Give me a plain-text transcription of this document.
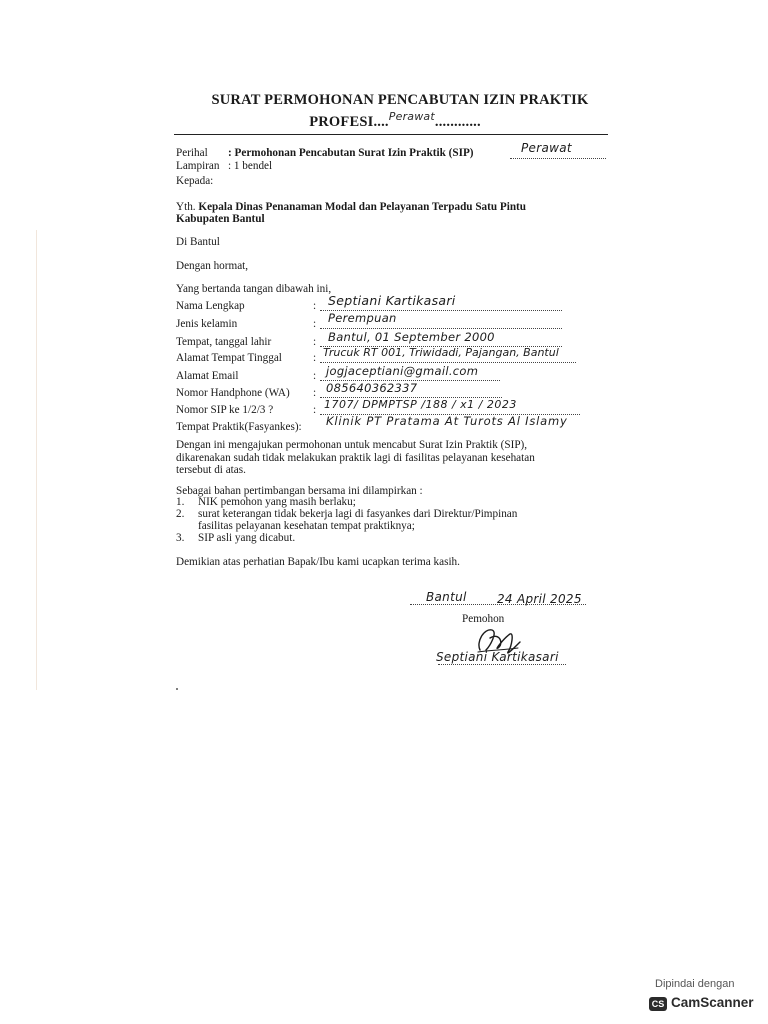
SURAT PERMOHONAN PENCABUTAN IZIN PRAKTIK
PROFESI....$^{Perawat}$............
Perihal : Permohonan Pencabutan Surat Izin Praktik (SIP)	Perawat
Lampiran : 1 bendel
Kepada:
Yth. Kepala Dinas Penanaman Modal dan Pelayanan Terpadu Satu Pintu
Kabupaten Bantul
Di Bantul
Dengan hormat,
Yang bertanda tangan dibawah ini,
Nama Lengkap	: Septiani Kartikasari
Jenis kelamin	: Perempuan
Tempat, tanggal lahir	: Bantul, 01 September 2000
Alamat Tempat Tinggal	: Trucuk RT 001, Triwidadi, Pajangan, Bantul
Alamat Email	: jogjaceptiani@gmail.com
Nomor Handphone (WA) : 085640362337
Nomor SIP ke 1/2/3 ?	: 1707/ DPMPTSP /188 / x1 / 2023
Tempat Praktik(Fasyankes): Klinik PT Pratama At Turots Al Islamy
Dengan ini mengajukan permohonan untuk mencabut Surat Izin Praktik (SIP),
dikarenakan sudah tidak melakukan praktik lagi di fasilitas pelayanan kesehatan
tersebut di atas.
Sebagai bahan pertimbangan bersama ini dilampirkan :
1. NIK pemohon yang masih berlaku;
2. surat keterangan tidak bekerja lagi di fasyankes dari Direktur/Pimpinan
fasilitas pelayanan kesehatan tempat praktiknya;
3. SIP asli yang dicabut.
Demikian atas perhatian Bapak/Ibu kami ucapkan terima kasih.
Bantul	24 April 2025
Pemohon
Septiani Kartikasari
Dipindai dengan
CS CamScanner
